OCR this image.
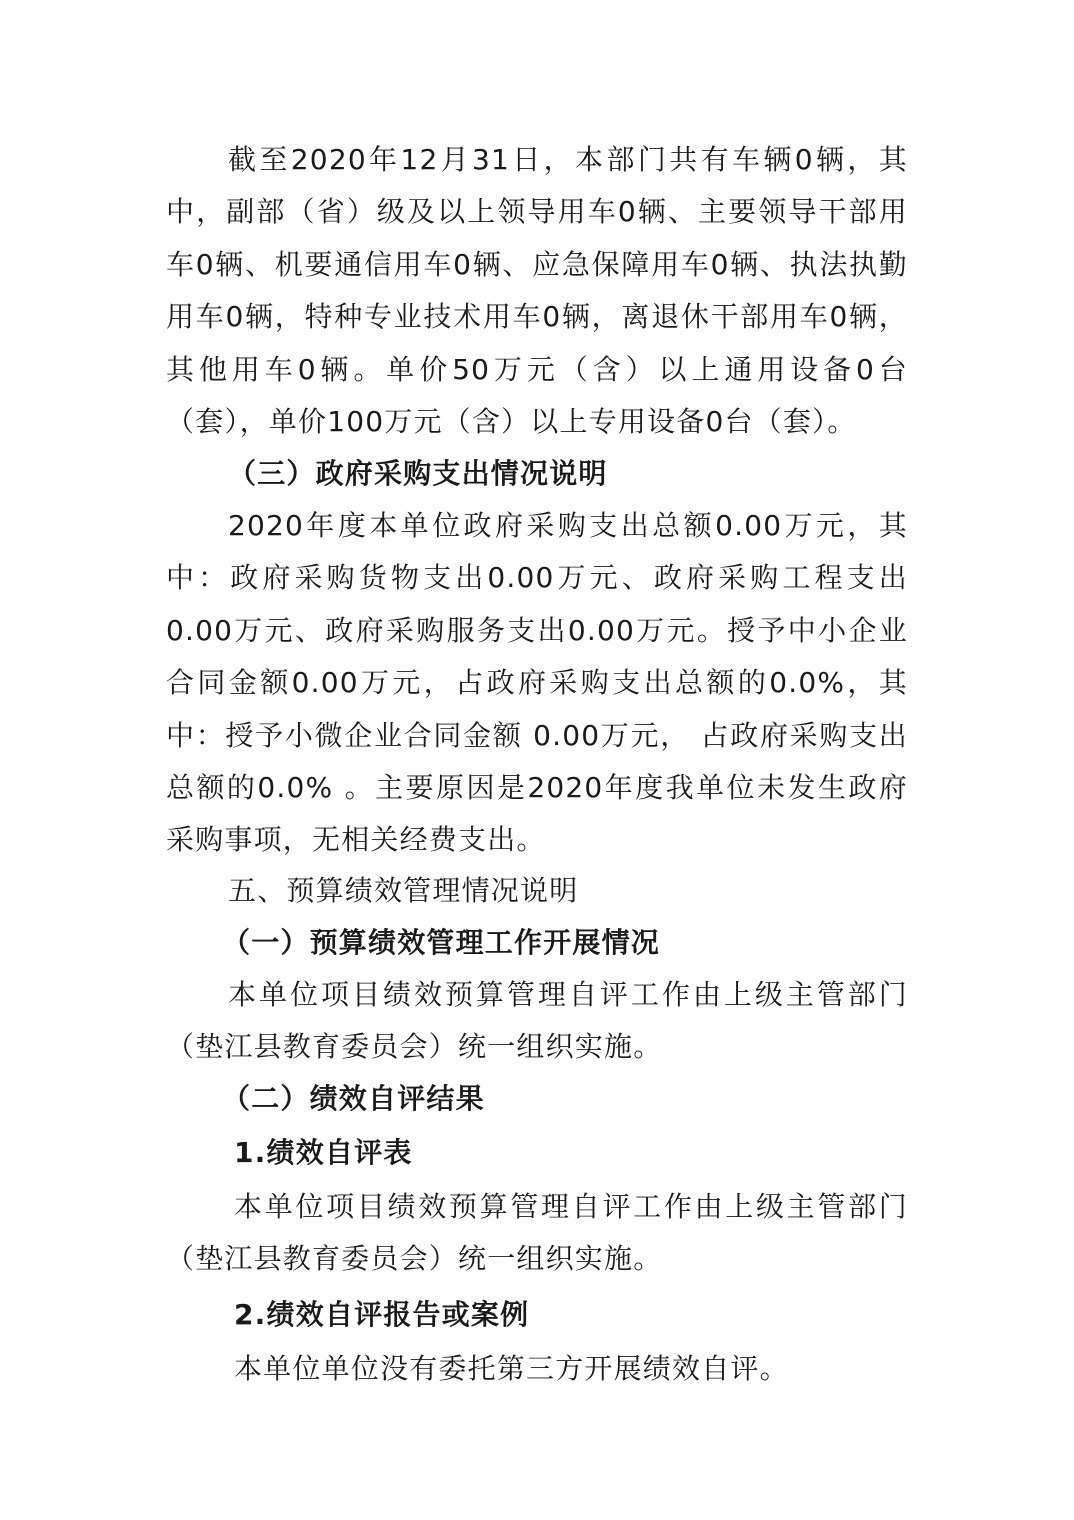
截至2020年12月31日，本部门共有车辆0辆，其中，副部（省）级及以上领导用车0辆、主要领导干部用车0辆、机要通信用车0辆、应急保障用车0辆、执法执勤用车0辆，特种专业技术用车0辆，离退休干部用车0辆，其他用车0辆。单价50万元（含）以上通用设备0台（套），单价100万元（含）以上专用设备0台（套）。

（三）政府采购支出情况说明

2020年度本单位政府采购支出总额0.00万元，其中：政府采购货物支出0.00万元、政府采购工程支出0.00万元、政府采购服务支出0.00万元。授予中小企业合同金额0.00万元，占政府采购支出总额的0.0%，其中：授予小微企业合同金额 0.00万元， 占政府采购支出总额的0.0% 。主要原因是2020年度我单位未发生政府采购事项，无相关经费支出。

五、预算绩效管理情况说明
（一）预算绩效管理工作开展情况

本单位项目绩效预算管理自评工作由上级主管部门（垫江县教育委员会）统一组织实施。

（二）绩效自评结果
1.绩效自评表

本单位项目绩效预算管理自评工作由上级主管部门（垫江县教育委员会）统一组织实施。

2.绩效自评报告或案例

本单位单位没有委托第三方开展绩效自评。
